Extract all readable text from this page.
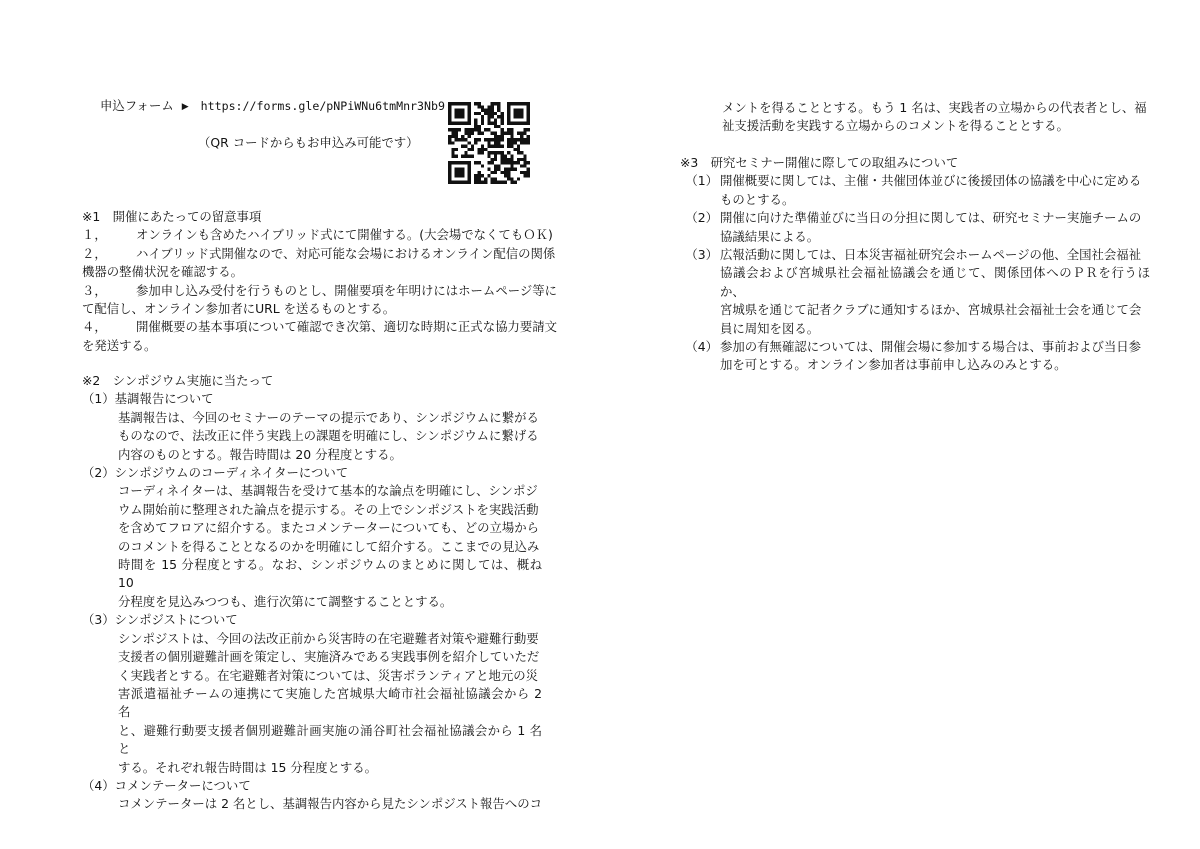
申込フォーム ▶ https://forms.gle/pNPiWNu6tmMnr3Nb9
（QR コードからもお申込み可能です）
※1　開催にあたっての留意事項
１，	オンラインも含めたハイブリッド式にて開催する。(大会場でなくてもＯＫ)
２，	ハイブリッド式開催なので、対応可能な会場におけるオンライン配信の関係
機器の整備状況を確認する。
３，	参加申し込み受付を行うものとし、開催要項を年明けにはホームページ等に
て配信し、オンライン参加者にURL を送るものとする。
４，	開催概要の基本事項について確認でき次第、適切な時期に正式な協力要請文
を発送する。
※2　シンポジウム実施に当たって
（1）基調報告について
基調報告は、今回のセミナーのテーマの提示であり、シンポジウムに繋がる
ものなので、法改正に伴う実践上の課題を明確にし、シンポジウムに繋げる
内容のものとする。報告時間は 20 分程度とする。
（2）シンポジウムのコーディネイターについて
コーディネイターは、基調報告を受けて基本的な論点を明確にし、シンポジ
ウム開始前に整理された論点を提示する。その上でシンポジストを実践活動
を含めてフロアに紹介する。またコメンテーターについても、どの立場から
のコメントを得ることとなるのかを明確にして紹介する。ここまでの見込み
時間を 15 分程度とする。なお、シンポジウムのまとめに関しては、概ね 10
分程度を見込みつつも、進行次第にて調整することとする。
（3）シンポジストについて
シンポジストは、今回の法改正前から災害時の在宅避難者対策や避難行動要
支援者の個別避難計画を策定し、実施済みである実践事例を紹介していただ
く実践者とする。在宅避難者対策については、災害ボランティアと地元の災
害派遣福祉チームの連携にて実施した宮城県大崎市社会福祉協議会から 2 名
と、避難行動要支援者個別避難計画実施の涌谷町社会福祉協議会から 1 名と
する。それぞれ報告時間は 15 分程度とする。
（4）コメンテーターについて
コメンテーターは 2 名とし、基調報告内容から見たシンポジスト報告へのコ
メントを得ることとする。もう 1 名は、実践者の立場からの代表者とし、福
祉支援活動を実践する立場からのコメントを得ることとする。
※3　研究セミナー開催に際しての取組みについて
（1） 開催概要に関しては、主催・共催団体並びに後援団体の協議を中心に定める
ものとする。
（2） 開催に向けた準備並びに当日の分担に関しては、研究セミナー実施チームの
協議結果による。
（3） 広報活動に関しては、日本災害福祉研究会ホームページの他、全国社会福祉
協議会および宮城県社会福祉協議会を通じて、関係団体へのＰＲを行うほか、
宮城県を通じて記者クラブに通知するほか、宮城県社会福祉士会を通じて会
員に周知を図る。
（4） 参加の有無確認については、開催会場に参加する場合は、事前および当日参
加を可とする。オンライン参加者は事前申し込みのみとする。
